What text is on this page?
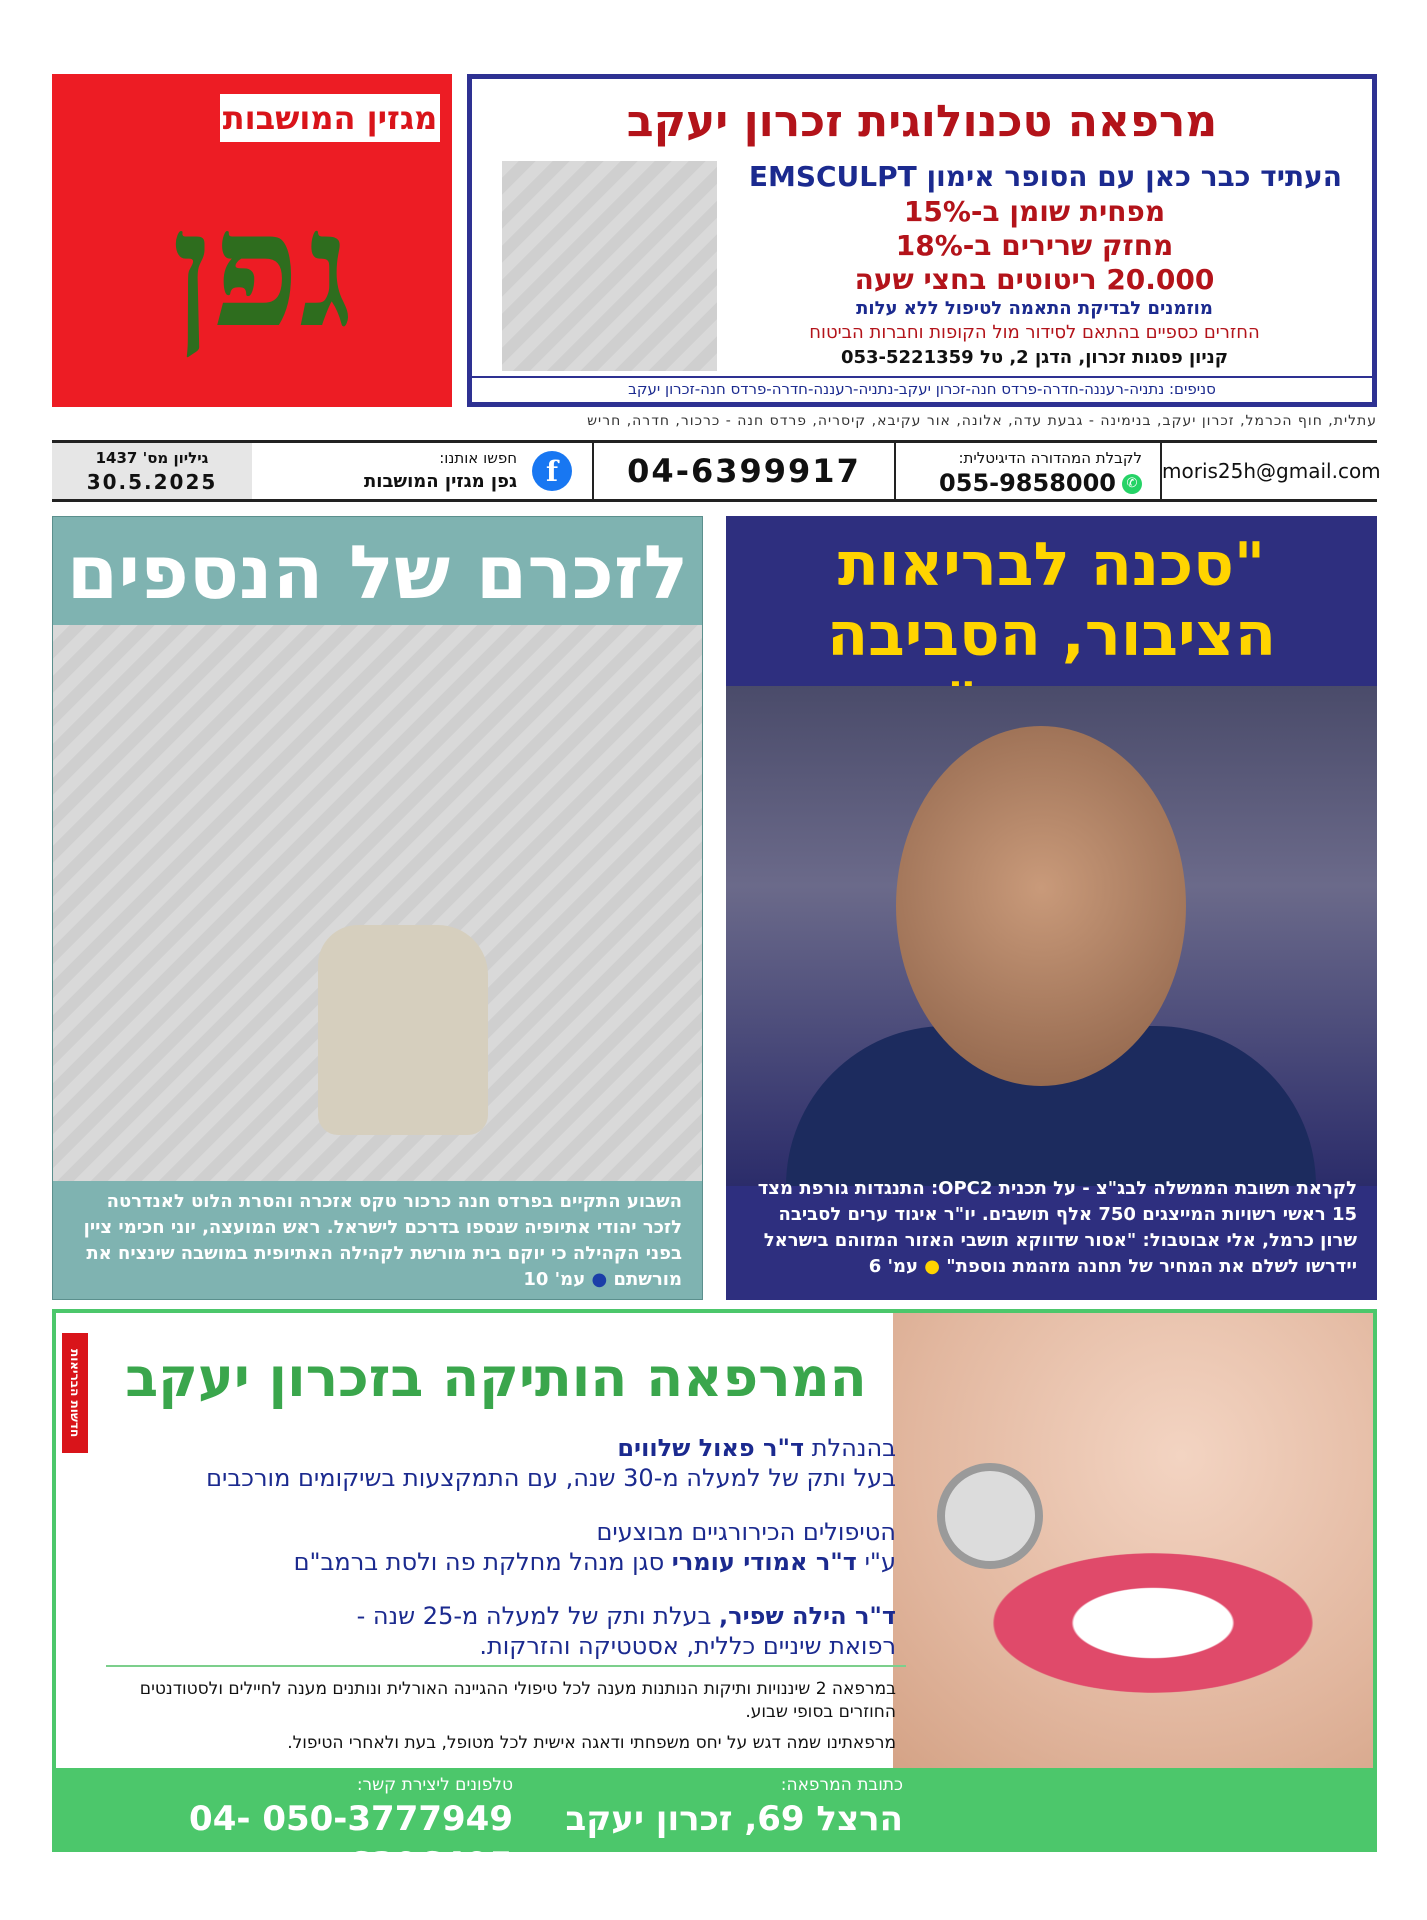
מגזין המושבות
גפן
מרפאה טכנולוגית זכרון יעקב
העתיד כבר כאן עם הסופר אימון EMSCULPT
מפחית שומן ב-15%
מחזק שרירים ב-18%
20.000 ריטוטים בחצי שעה
מוזמנים לבדיקת התאמה לטיפול ללא עלות
החזרים כספיים בהתאם לסידור מול הקופות וחברות הביטוח
קניון פסגות זכרון, הדגן 2, טל 053-5221359
סניפים: נתניה-רעננה-חדרה-פרדס חנה-זכרון יעקב-נתניה-רעננה-חדרה-פרדס חנה-זכרון יעקב
עתלית, חוף הכרמל, זכרון יעקב, בנימינה - גבעת עדה, אלונה, אור עקיבא, קיסריה, פרדס חנה - כרכור, חדרה, חריש
גיליון מס' 1437
30.5.2025	f
חפשו אותנו:
גפן מגזין המושבות	04-6399917	לקבלת המהדורה הדיגיטלית:
✆055-9858000	moris25h@gmail.com
לזכרם של הנספים
השבוע התקיים בפרדס חנה כרכור טקס אזכרה והסרת הלוט לאנדרטה לזכר יהודי אתיופיה שנספו בדרכם לישראל. ראש המועצה, יוני חכימי ציין בפני הקהילה כי יוקם בית מורשת לקהילה האתיופית במושבה שינציח את מורשתם ● עמ' 10
"סכנה לבריאות הציבור, הסביבה
לקראת תשובת הממשלה לבג"צ - על תכנית OPC2: התנגדות גורפת מצד 15 ראשי רשויות המייצגים 750 אלף תושבים. יו"ר איגוד ערים לסביבה שרון כרמל, אלי אבוטבול: "אסור שדווקא תושבי האזור המזוהם בישראל יידרשו לשלם את המחיר של תחנה מזהמת נוספת" ● עמ' 6
חדשות הבריאות המרפאה הותיקה בזכרון יעקב
בהנהלת ד"ר פאול שלווים
בעל ותק של למעלה מ-30 שנה, עם התמקצעות בשיקומים מורכבים
הטיפולים הכירורגיים מבוצעים
ע"י ד"ר אמודי עומרי סגן מנהל מחלקת פה ולסת ברמב"ם
ד"ר הילה שפיר, בעלת ותק של למעלה מ-25 שנה -
רפואת שיניים כללית, אסטטיקה והזרקות.
במרפאה 2 שיננויות ותיקות הנותנות מענה לכל טיפולי ההגיינה האורלית ונותנים מענה לחיילים ולסטודנטים החוזרים בסופי שבוע.
מרפאתינו שמה דגש על יחס משפחתי ודאגה אישית לכל מטופל, בעת ולאחרי הטיפול.
כתובת המרפאה:
הרצל 69, זכרון יעקב
טלפונים ליצירת קשר:
050-3777949 04-6396495
